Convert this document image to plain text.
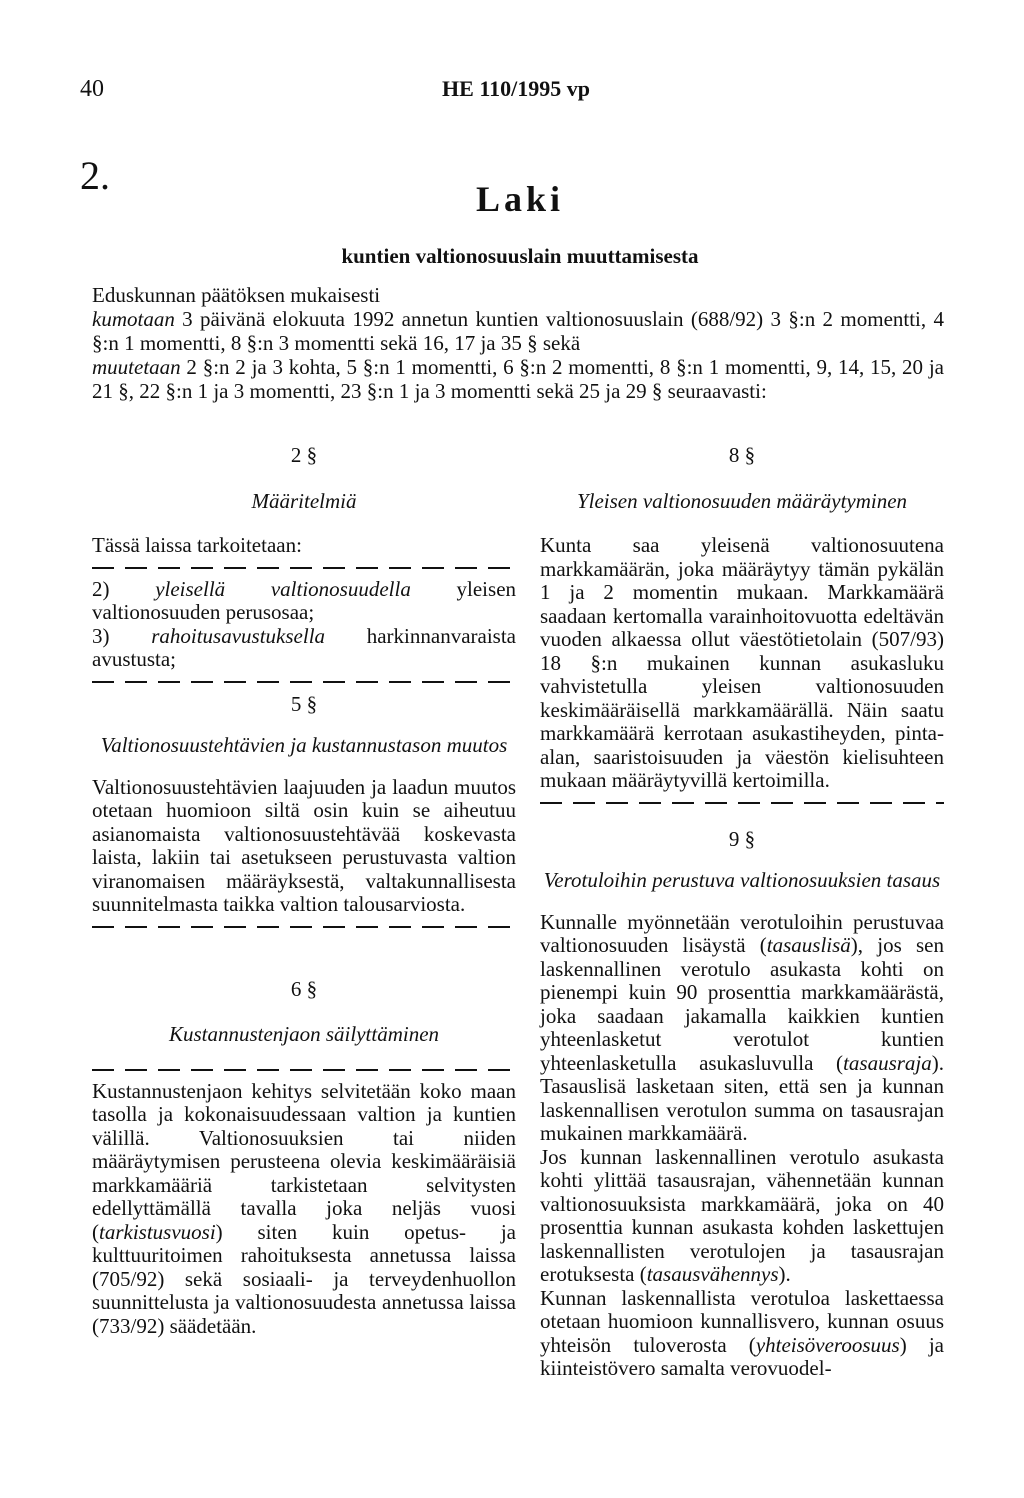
40	HE 110/1995 vp
2.
Laki
kuntien valtionosuuslain muuttamisesta

Eduskunnan päätöksen mukaisesti

kumotaan 3 päivänä elokuuta 1992 annetun kuntien valtionosuuslain (688/92) 3 §:n 2 momentti, 4 §:n 1 momentti, 8 §:n 3 momentti sekä 16, 17 ja 35 § sekä

muutetaan 2 §:n 2 ja 3 kohta, 5 §:n 1 momentti, 6 §:n 2 momentti, 8 §:n 1 momentti, 9, 14, 15, 20 ja 21 §, 22 §:n 1 ja 3 momentti, 23 §:n 1 ja 3 momentti sekä 25 ja 29 § seuraavasti:

2 §

Määritelmiä

Tässä laissa tarkoitetaan:

2) yleisellä valtionosuudella yleisen valtionosuuden perusosaa;

3) rahoitusavustuksella harkinnanvaraista avustusta;

5 §

Valtionosuustehtävien ja kustannustason muutos

Valtionosuustehtävien laajuuden ja laadun muutos otetaan huomioon siltä osin kuin se aiheutuu asianomaista valtionosuustehtävää koskevasta laista, lakiin tai asetukseen perustuvasta valtion viranomaisen määräyksestä, valtakunnallisesta suunnitelmasta taikka valtion talousarviosta.

6 §

Kustannustenjaon säilyttäminen

Kustannustenjaon kehitys selvitetään koko maan tasolla ja kokonaisuudessaan valtion ja kuntien välillä. Valtionosuuksien tai niiden määräytymisen perusteena olevia keskimääräisiä markkamääriä tarkistetaan selvitysten edellyttämällä tavalla joka neljäs vuosi (tarkistusvuosi) siten kuin opetus- ja kulttuuritoimen rahoituksesta annetussa laissa (705/92) sekä sosiaali- ja terveydenhuollon suunnittelusta ja valtionosuudesta annetussa laissa (733/92) säädetään.

8 §

Yleisen valtionosuuden määräytyminen

Kunta saa yleisenä valtionosuutena markkamäärän, joka määräytyy tämän pykälän 1 ja 2 momentin mukaan. Markkamäärä saadaan kertomalla varainhoitovuotta edeltävän vuoden alkaessa ollut väestötietolain (507/93) 18 §:n mukainen kunnan asukasluku vahvistetulla yleisen valtionosuuden keskimääräisellä markkamäärällä. Näin saatu markkamäärä kerrotaan asukastiheyden, pinta-alan, saaristoisuuden ja väestön kielisuhteen mukaan määräytyvillä kertoimilla.

9 §

Verotuloihin perustuva valtionosuuksien tasaus

Kunnalle myönnetään verotuloihin perustuvaa valtionosuuden lisäystä (tasauslisä), jos sen laskennallinen verotulo asukasta kohti on pienempi kuin 90 prosenttia markkamäärästä, joka saadaan jakamalla kaikkien kuntien yhteenlasketut verotulot kuntien yhteenlasketulla asukasluvulla (tasausraja). Tasauslisä lasketaan siten, että sen ja kunnan laskennallisen verotulon summa on tasausrajan mukainen markkamäärä.

Jos kunnan laskennallinen verotulo asukasta kohti ylittää tasausrajan, vähennetään kunnan valtionosuuksista markkamäärä, joka on 40 prosenttia kunnan asukasta kohden laskettujen laskennallisten verotulojen ja tasausrajan erotuksesta (tasausvähennys).

Kunnan laskennallista verotuloa laskettaessa otetaan huomioon kunnallisvero, kunnan osuus yhteisön tuloverosta (yhteisöveroosuus) ja kiinteistövero samalta verovuodel-
